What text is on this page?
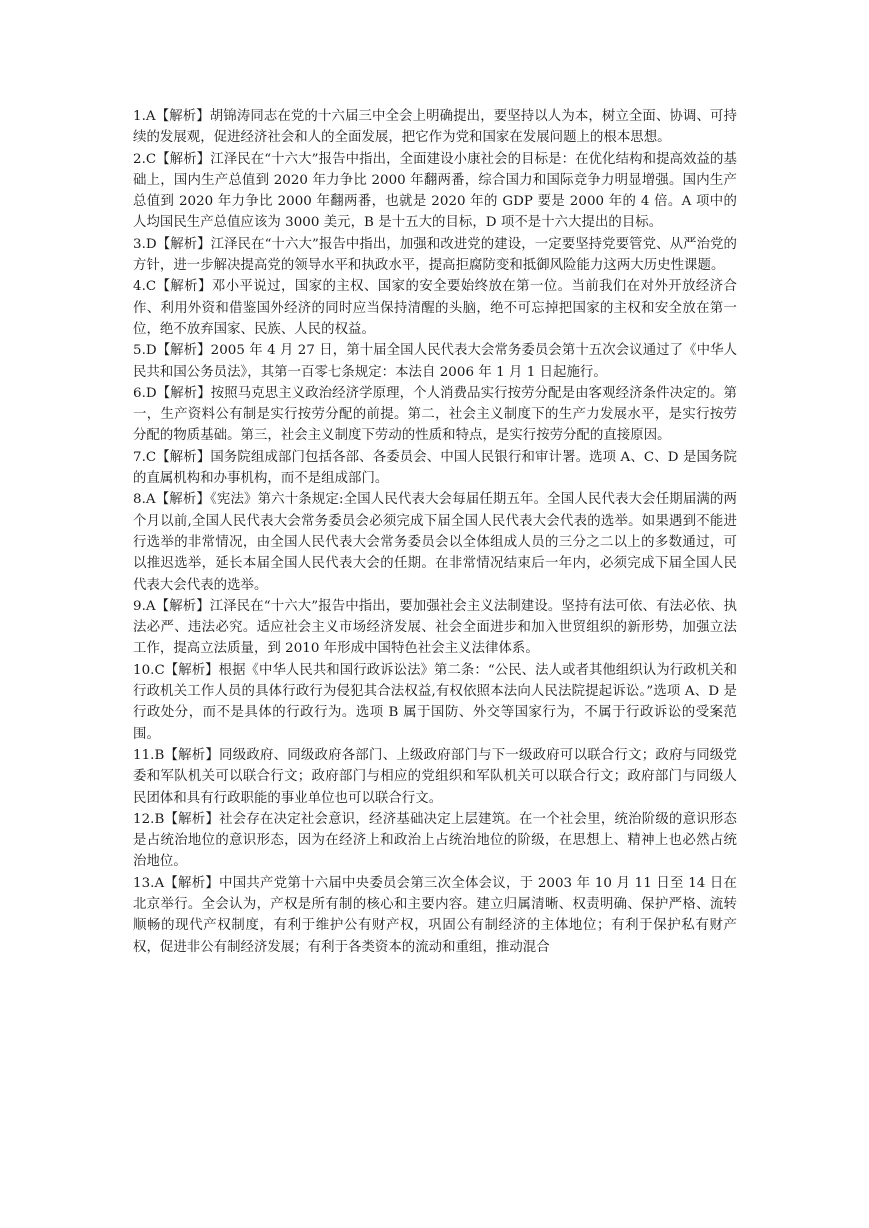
1.A【解析】胡锦涛同志在党的十六届三中全会上明确提出，要坚持以人为本，树立全面、协调、可持续的发展观，促进经济社会和人的全面发展，把它作为党和国家在发展问题上的根本思想。

2.C【解析】江泽民在“十六大”报告中指出，全面建设小康社会的目标是：在优化结构和提高效益的基础上，国内生产总值到 2020 年力争比 2000 年翻两番，综合国力和国际竞争力明显增强。国内生产总值到 2020 年力争比 2000 年翻两番，也就是 2020 年的 GDP 要是 2000 年的 4 倍。A 项中的人均国民生产总值应该为 3000 美元，B 是十五大的目标，D 项不是十六大提出的目标。

3.D【解析】江泽民在“十六大”报告中指出，加强和改进党的建设，一定要坚持党要管党、从严治党的方针，进一步解决提高党的领导水平和执政水平，提高拒腐防变和抵御风险能力这两大历史性课题。

4.C【解析】邓小平说过，国家的主权、国家的安全要始终放在第一位。当前我们在对外开放经济合作、利用外资和借鉴国外经济的同时应当保持清醒的头脑，绝不可忘掉把国家的主权和安全放在第一位，绝不放弃国家、民族、人民的权益。

5.D【解析】2005 年 4 月 27 日，第十届全国人民代表大会常务委员会第十五次会议通过了《中华人民共和国公务员法》，其第一百零七条规定：本法自 2006 年 1 月 1 日起施行。

6.D【解析】按照马克思主义政治经济学原理，个人消费品实行按劳分配是由客观经济条件决定的。第一，生产资料公有制是实行按劳分配的前提。第二，社会主义制度下的生产力发展水平，是实行按劳分配的物质基础。第三，社会主义制度下劳动的性质和特点，是实行按劳分配的直接原因。

7.C【解析】国务院组成部门包括各部、各委员会、中国人民银行和审计署。选项 A、C、D 是国务院的直属机构和办事机构，而不是组成部门。

8.A【解析】《宪法》第六十条规定:全国人民代表大会每届任期五年。全国人民代表大会任期届满的两个月以前,全国人民代表大会常务委员会必须完成下届全国人民代表大会代表的选举。如果遇到不能进行选举的非常情况，由全国人民代表大会常务委员会以全体组成人员的三分之二以上的多数通过，可以推迟选举，延长本届全国人民代表大会的任期。在非常情况结束后一年内，必须完成下届全国人民代表大会代表的选举。

9.A【解析】江泽民在“十六大”报告中指出，要加强社会主义法制建设。坚持有法可依、有法必依、执法必严、违法必究。适应社会主义市场经济发展、社会全面进步和加入世贸组织的新形势，加强立法工作，提高立法质量，到 2010 年形成中国特色社会主义法律体系。

10.C【解析】根据《中华人民共和国行政诉讼法》第二条：“公民、法人或者其他组织认为行政机关和行政机关工作人员的具体行政行为侵犯其合法权益,有权依照本法向人民法院提起诉讼。”选项 A、D 是行政处分，而不是具体的行政行为。选项 B 属于国防、外交等国家行为，不属于行政诉讼的受案范围。

11.B【解析】同级政府、同级政府各部门、上级政府部门与下一级政府可以联合行文；政府与同级党委和军队机关可以联合行文；政府部门与相应的党组织和军队机关可以联合行文；政府部门与同级人民团体和具有行政职能的事业单位也可以联合行文。

12.B【解析】社会存在决定社会意识，经济基础决定上层建筑。在一个社会里，统治阶级的意识形态是占统治地位的意识形态，因为在经济上和政治上占统治地位的阶级，在思想上、精神上也必然占统治地位。

13.A【解析】中国共产党第十六届中央委员会第三次全体会议，于 2003 年 10 月 11 日至 14 日在北京举行。全会认为，产权是所有制的核心和主要内容。建立归属清晰、权责明确、保护严格、流转顺畅的现代产权制度，有利于维护公有财产权，巩固公有制经济的主体地位；有利于保护私有财产权，促进非公有制经济发展；有利于各类资本的流动和重组，推动混合
